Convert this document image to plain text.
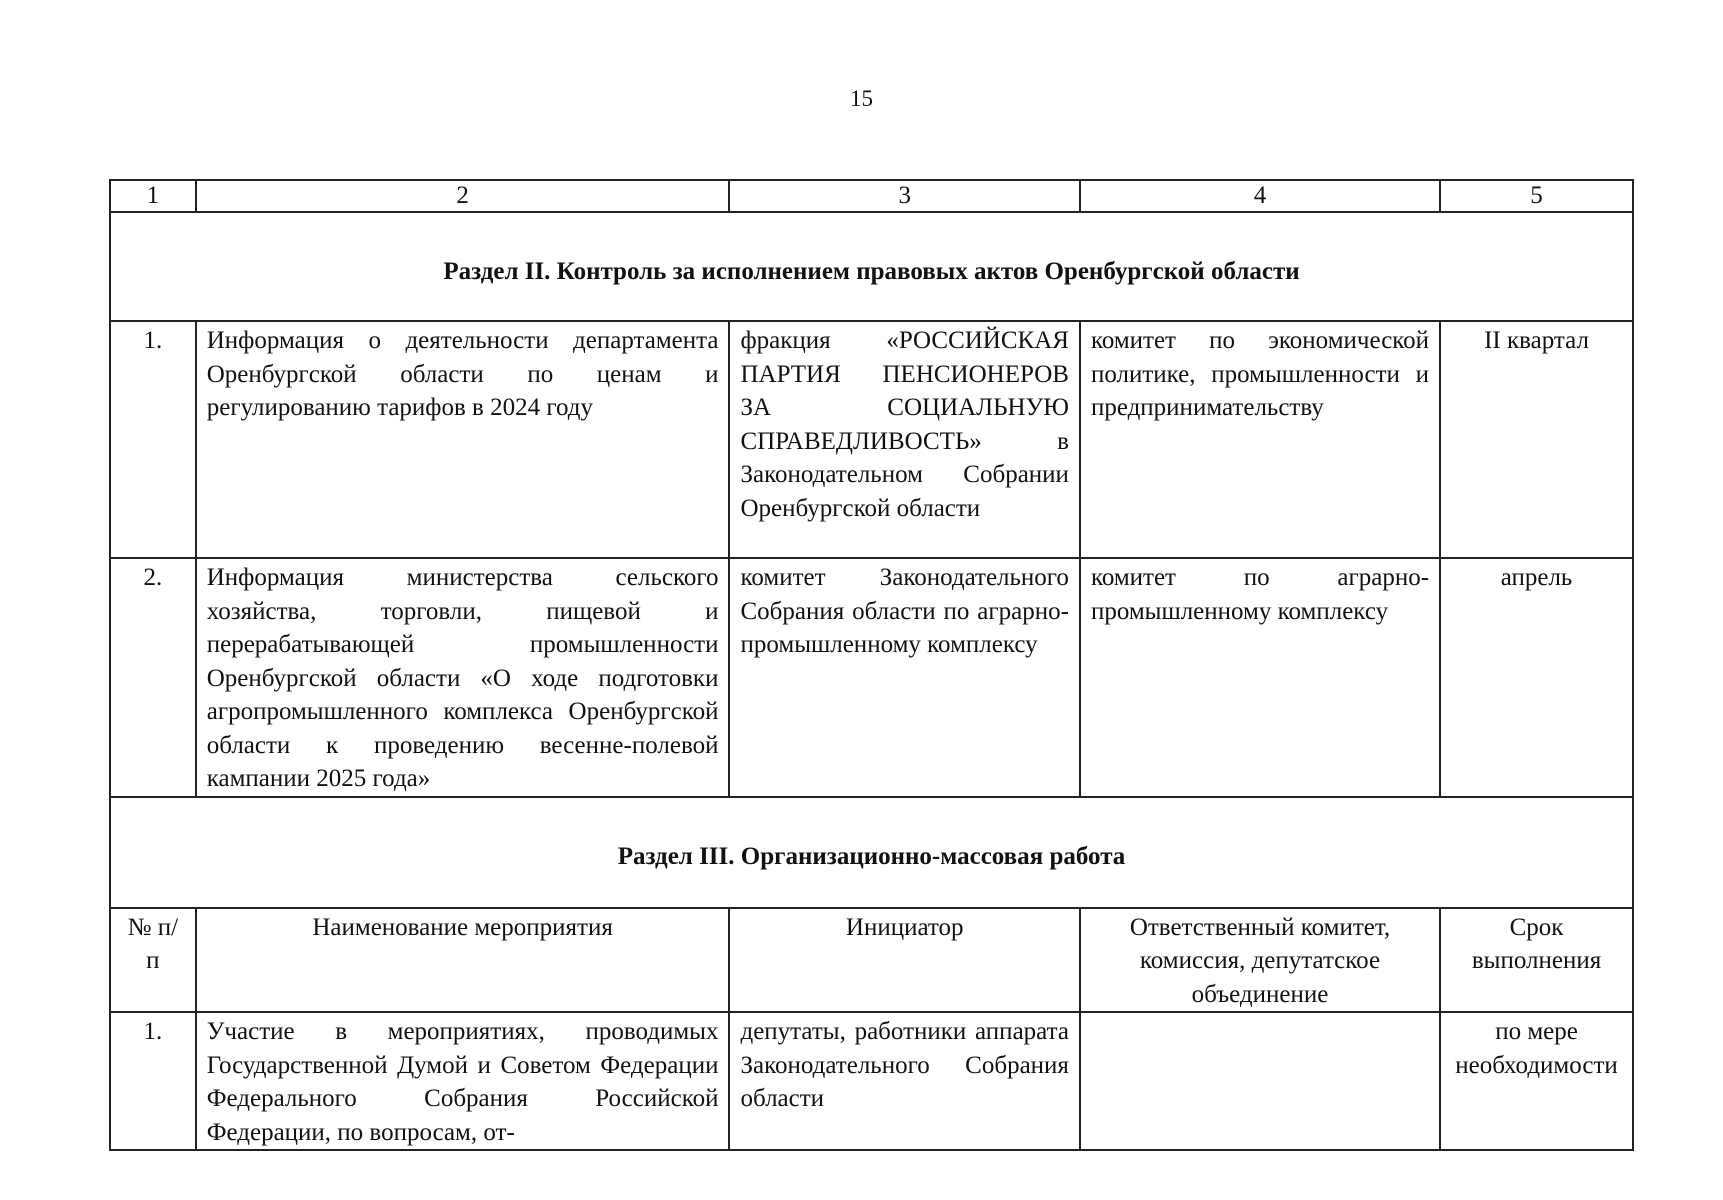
15
1	2	3	4	5
Раздел II. Контроль за исполнением правовых актов Оренбургской области				
1.	Информация о деятельности департамента Оренбургской области по ценам и регулированию тарифов в 2024 году	фракция «РОССИЙСКАЯ ПАРТИЯ ПЕНСИОНЕРОВ ЗА СОЦИАЛЬНУЮ СПРАВЕДЛИВОСТЬ» в Законодательном Собрании Оренбургской области	комитет по экономической политике, промышленности и предпринимательству	II квартал
2.	Информация министерства сельского хозяйства, торговли, пищевой и перерабатывающей промышленности Оренбургской области «О ходе подготовки агропромышленного комплекса Оренбургской области к проведению весенне-полевой кампании 2025 года»	комитет Законодательного Собрания области по аграрно-промышленному комплексу	комитет по аграрно-промышленному комплексу	апрель
Раздел III. Организационно-массовая работа				
№ п/п	Наименование мероприятия	Инициатор	Ответственный комитет, комиссия, депутатское объединение	Срок выполнения
1.	Участие в мероприятиях, проводимых Государственной Думой и Советом Федерации Федерального Собрания Российской Федерации, по вопросам, от-	депутаты, работники аппарата Законодательного Собрания области		по мере необходимости
